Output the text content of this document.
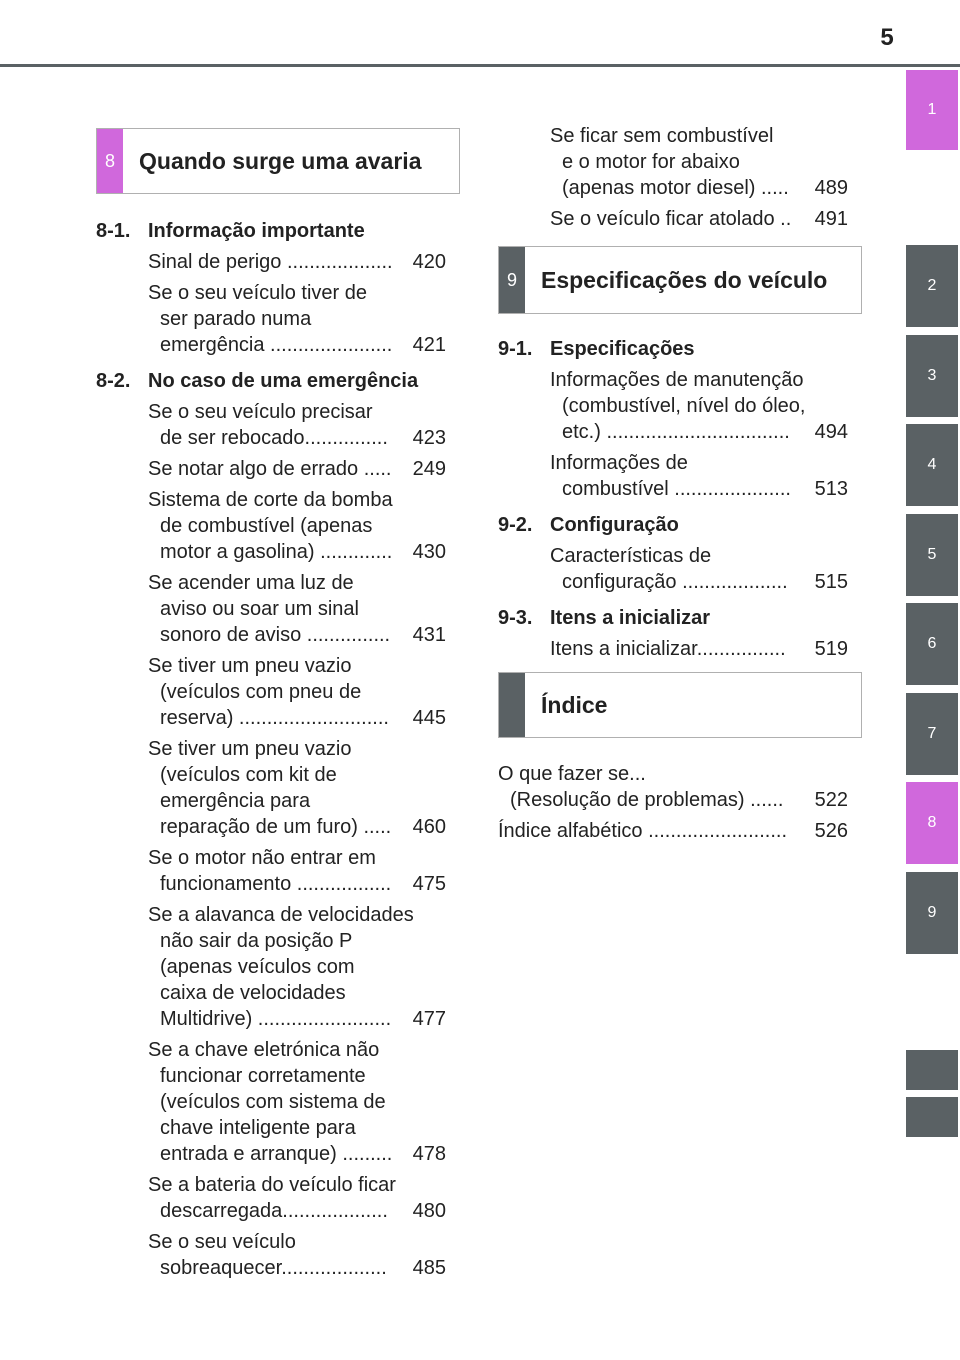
5
1
2
3
4
5
6
7
8
9
8	Quando surge uma avaria
8-1. Informação importante
Sinal de perigo ................... 420
Se o seu veículo tiver de
ser parado numa
emergência ...................... 421
8-2. No caso de uma emergência
Se o seu veículo precisar
de ser rebocado............... 423
Se notar algo de errado ..... 249
Sistema de corte da bomba
de combustível (apenas
motor a gasolina) ............. 430
Se acender uma luz de
aviso ou soar um sinal
sonoro de aviso ............... 431
Se tiver um pneu vazio
(veículos com pneu de
reserva) ........................... 445
Se tiver um pneu vazio
(veículos com kit de
emergência para
reparação de um furo) ..... 460
Se o motor não entrar em
funcionamento ................. 475
Se a alavanca de velocidades
não sair da posição P
(apenas veículos com
caixa de velocidades
Multidrive) ........................ 477
Se a chave eletrónica não
funcionar corretamente
(veículos com sistema de
chave inteligente para
entrada e arranque) ......... 478
Se a bateria do veículo ficar
descarregada................... 480
Se o seu veículo
sobreaquecer................... 485
Se ficar sem combustível
e o motor for abaixo
(apenas motor diesel) ..... 489
Se o veículo ficar atolado .. 491
9	Especificações do veículo
9-1. Especificações
Informações de manutenção
(combustível, nível do óleo,
etc.) ................................. 494
Informações de
combustível ..................... 513
9-2. Configuração
Características de
configuração ................... 515
9-3. Itens a inicializar
Itens a inicializar................ 519
Índice
O que fazer se...
(Resolução de problemas) ...... 522
Índice alfabético ......................... 526
